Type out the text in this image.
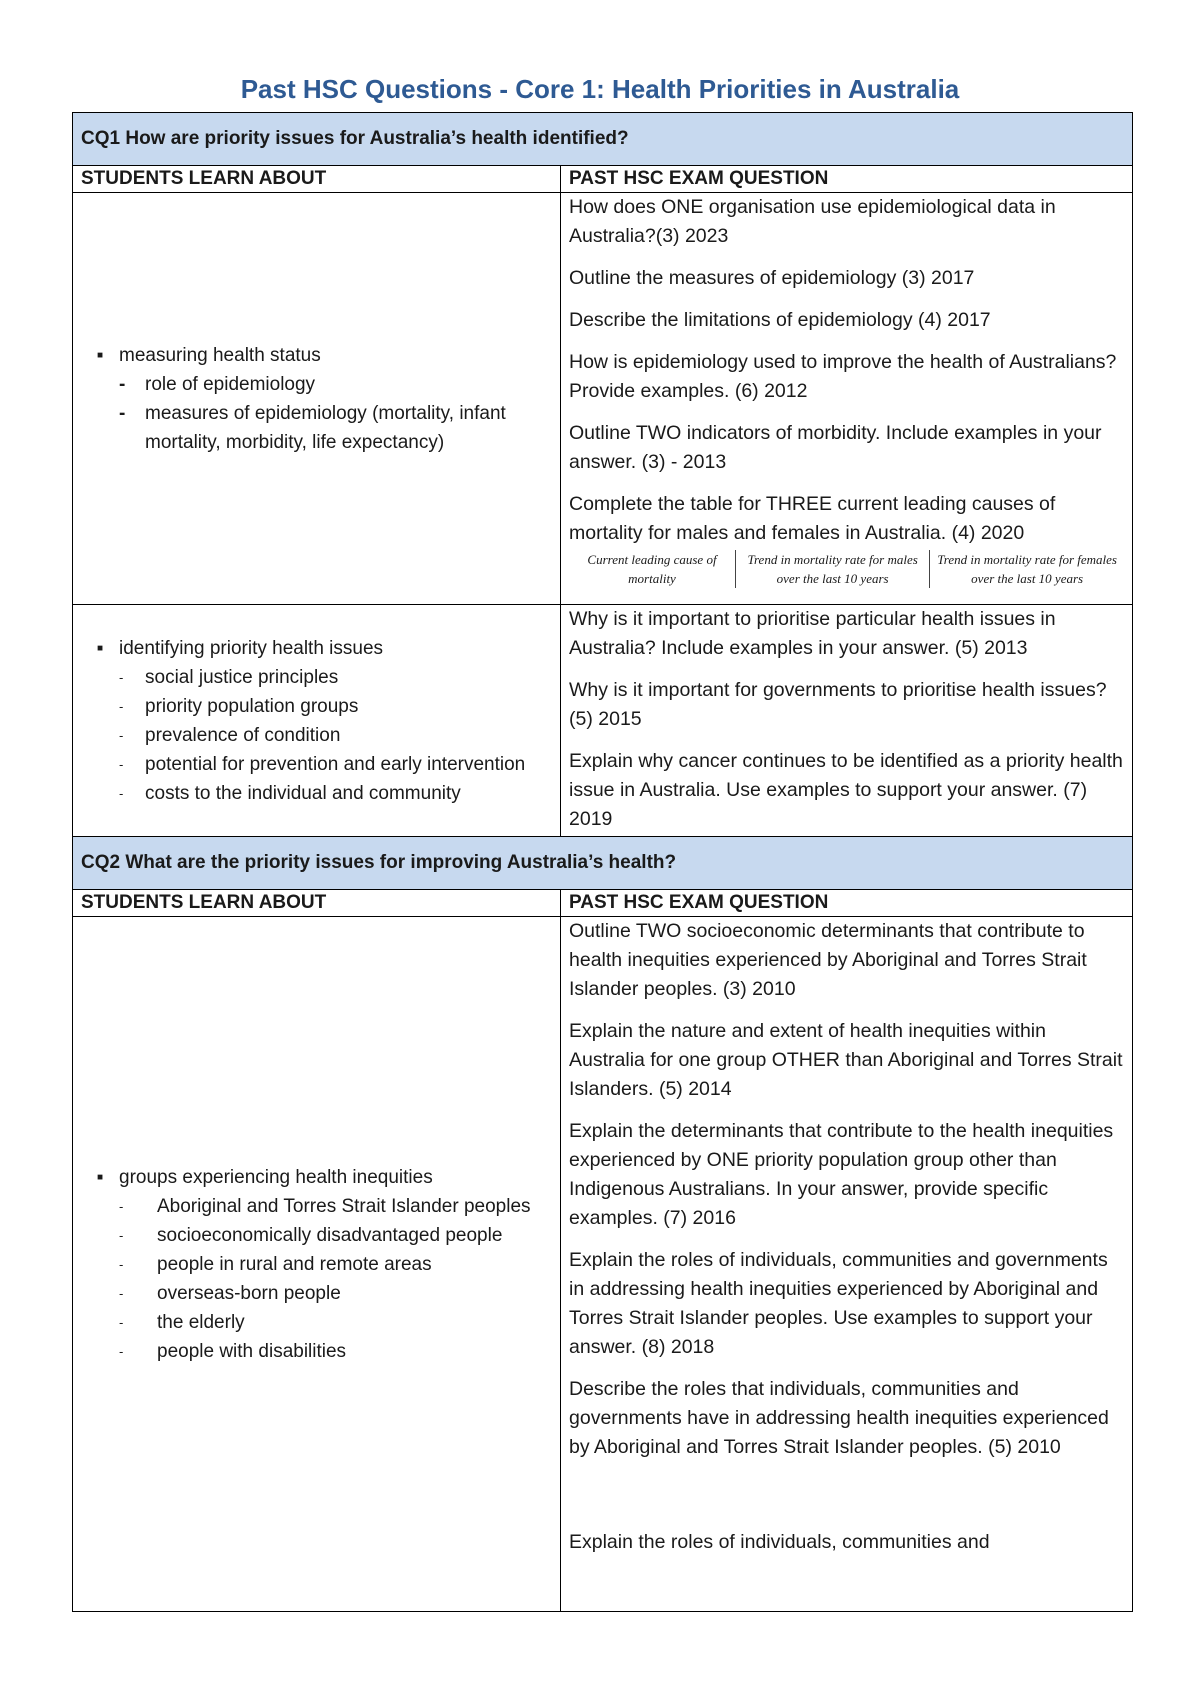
Past HSC Questions - Core 1: Health Priorities in Australia
CQ1 How are priority issues for Australia’s health identified?
STUDENTS LEARN ABOUT	PAST HSC EXAM QUESTION

■ measuring health status
-	role of epidemiology
-	measures of epidemiology (mortality, infant mortality, morbidity, life expectancy)

How does ONE organisation use epidemiological data in Australia?(3) 2023

Outline the measures of epidemiology (3) 2017

Describe the limitations of epidemiology (4) 2017

How is epidemiology used to improve the health of Australians? Provide examples. (6) 2012

Outline TWO indicators of morbidity. Include examples in your answer. (3) - 2013

Complete the table for THREE current leading causes of mortality for males and females in Australia. (4) 2020

Current leading cause of mortality	Trend in mortality rate for males over the last 10 years	Trend in mortality rate for females over the last 10 years

■ identifying priority health issues
-	social justice principles
-	priority population groups
-	prevalence of condition
-	potential for prevention and early intervention
-	costs to the individual and community

Why is it important to prioritise particular health issues in Australia? Include examples in your answer. (5) 2013

Why is it important for governments to prioritise health issues? (5) 2015

Explain why cancer continues to be identified as a priority health issue in Australia. Use examples to support your answer. (7) 2019

CQ2 What are the priority issues for improving Australia’s health?
STUDENTS LEARN ABOUT	PAST HSC EXAM QUESTION

■ groups experiencing health inequities
-	Aboriginal and Torres Strait Islander peoples
-	socioeconomically disadvantaged people
-	people in rural and remote areas
-	overseas-born people
-	the elderly
-	people with disabilities

Outline TWO socioeconomic determinants that contribute to health inequities experienced by Aboriginal and Torres Strait Islander peoples. (3) 2010

Explain the nature and extent of health inequities within Australia for one group OTHER than Aboriginal and Torres Strait Islanders. (5) 2014

Explain the determinants that contribute to the health inequities experienced by ONE priority population group other than Indigenous Australians. In your answer, provide specific examples. (7) 2016

Explain the roles of individuals, communities and governments in addressing health inequities experienced by Aboriginal and Torres Strait Islander peoples. Use examples to support your answer. (8) 2018

Describe the roles that individuals, communities and governments have in addressing health inequities experienced by Aboriginal and Torres Strait Islander peoples. (5) 2010

Explain the roles of individuals, communities and
